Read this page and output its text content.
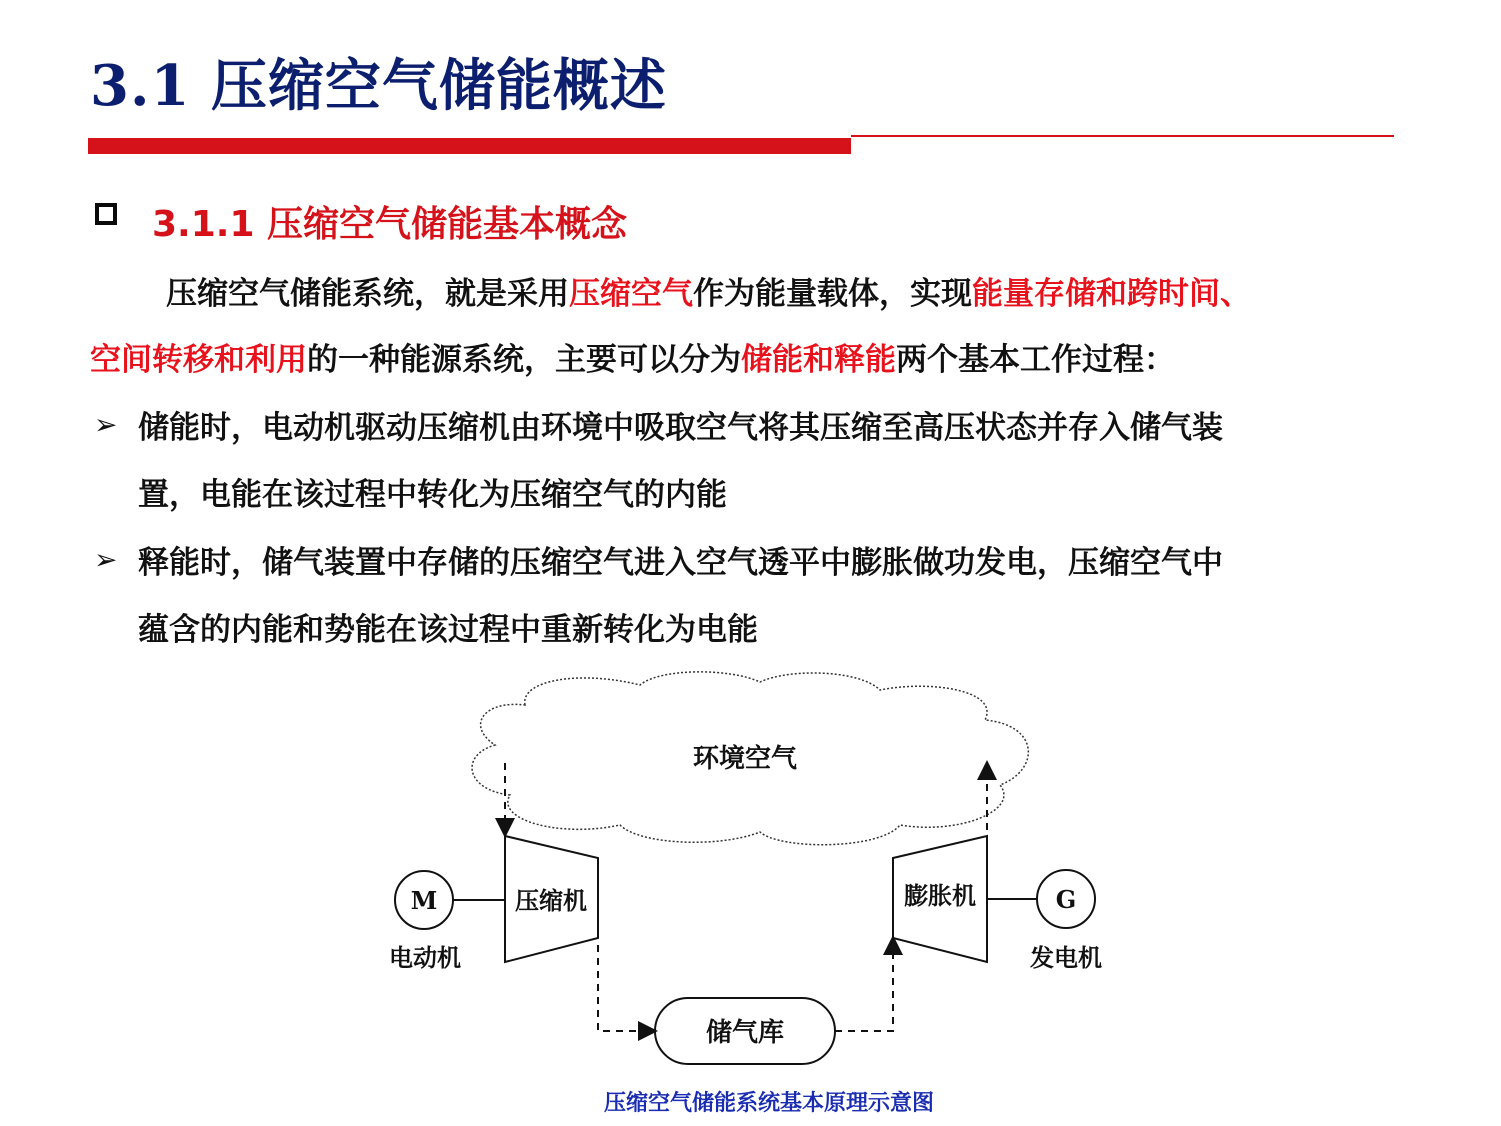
3.1 压缩空气储能概述
3.1.1 压缩空气储能基本概念
压缩空气储能系统，就是采用压缩空气作为能量载体，实现能量存储和跨时间、
空间转移和利用的一种能源系统，主要可以分为储能和释能两个基本工作过程：
➢ 储能时，电动机驱动压缩机由环境中吸取空气将其压缩至高压状态并存入储气装
置，电能在该过程中转化为压缩空气的内能
➢ 释能时，储气装置中存储的压缩空气进入空气透平中膨胀做功发电，压缩空气中
蕴含的内能和势能在该过程中重新转化为电能
环境空气
压缩机
M
电动机
膨胀机	G
发电机
储气库
压缩空气储能系统基本原理示意图
